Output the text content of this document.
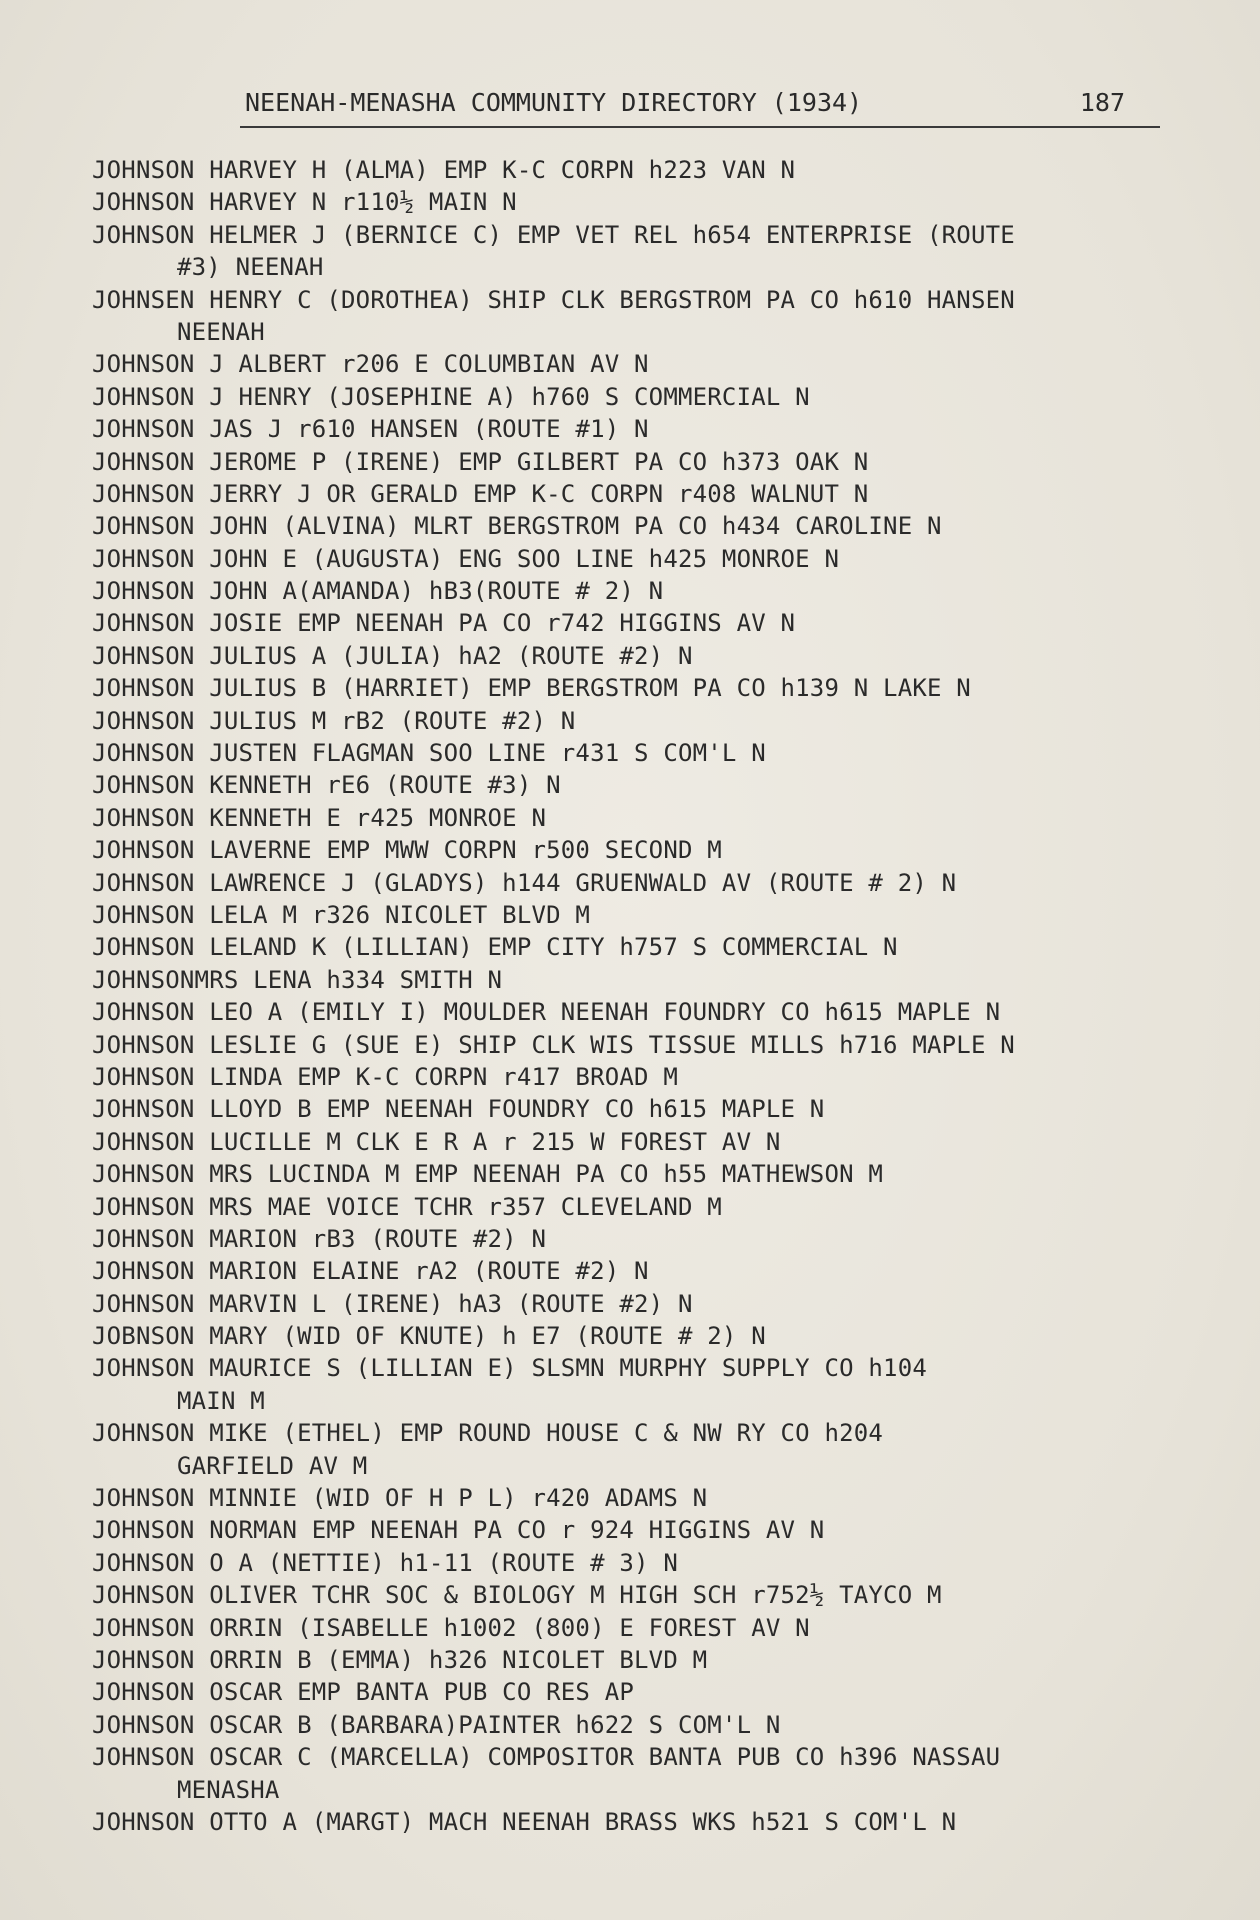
NEENAH-MENASHA COMMUNITY DIRECTORY (1934)	187
JOHNSON HARVEY H (ALMA) EMP K-C CORPN h223 VAN N
JOHNSON HARVEY N r110½ MAIN N
JOHNSON HELMER J (BERNICE C) EMP VET REL h654 ENTERPRISE (ROUTE
#3) NEENAH
JOHNSEN HENRY C (DOROTHEA) SHIP CLK BERGSTROM PA CO h610 HANSEN
NEENAH
JOHNSON J ALBERT r206 E COLUMBIAN AV N
JOHNSON J HENRY (JOSEPHINE A) h760 S COMMERCIAL N
JOHNSON JAS J r610 HANSEN (ROUTE #1) N
JOHNSON JEROME P (IRENE) EMP GILBERT PA CO h373 OAK N
JOHNSON JERRY J OR GERALD EMP K-C CORPN r408 WALNUT N
JOHNSON JOHN (ALVINA) MLRT BERGSTROM PA CO h434 CAROLINE N
JOHNSON JOHN E (AUGUSTA) ENG SOO LINE h425 MONROE N
JOHNSON JOHN A(AMANDA) hB3(ROUTE # 2) N
JOHNSON JOSIE EMP NEENAH PA CO r742 HIGGINS AV N
JOHNSON JULIUS A (JULIA) hA2 (ROUTE #2) N
JOHNSON JULIUS B (HARRIET) EMP BERGSTROM PA CO h139 N LAKE N
JOHNSON JULIUS M rB2 (ROUTE #2) N
JOHNSON JUSTEN FLAGMAN SOO LINE r431 S COM'L N
JOHNSON KENNETH rE6 (ROUTE #3) N
JOHNSON KENNETH E r425 MONROE N
JOHNSON LAVERNE EMP MWW CORPN r500 SECOND M
JOHNSON LAWRENCE J (GLADYS) h144 GRUENWALD AV (ROUTE # 2) N
JOHNSON LELA M r326 NICOLET BLVD M
JOHNSON LELAND K (LILLIAN) EMP CITY h757 S COMMERCIAL N
JOHNSONMRS LENA h334 SMITH N
JOHNSON LEO A (EMILY I) MOULDER NEENAH FOUNDRY CO h615 MAPLE N
JOHNSON LESLIE G (SUE E) SHIP CLK WIS TISSUE MILLS h716 MAPLE N
JOHNSON LINDA EMP K-C CORPN r417 BROAD M
JOHNSON LLOYD B EMP NEENAH FOUNDRY CO h615 MAPLE N
JOHNSON LUCILLE M CLK E R A r 215 W FOREST AV N
JOHNSON MRS LUCINDA M EMP NEENAH PA CO h55 MATHEWSON M
JOHNSON MRS MAE VOICE TCHR r357 CLEVELAND M
JOHNSON MARION rB3 (ROUTE #2) N
JOHNSON MARION ELAINE rA2 (ROUTE #2) N
JOHNSON MARVIN L (IRENE) hA3 (ROUTE #2) N
JOBNSON MARY (WID OF KNUTE) h E7 (ROUTE # 2) N
JOHNSON MAURICE S (LILLIAN E) SLSMN MURPHY SUPPLY CO h104
MAIN M
JOHNSON MIKE (ETHEL) EMP ROUND HOUSE C & NW RY CO h204
GARFIELD AV M
JOHNSON MINNIE (WID OF H P L) r420 ADAMS N
JOHNSON NORMAN EMP NEENAH PA CO r 924 HIGGINS AV N
JOHNSON O A (NETTIE) h1-11 (ROUTE # 3) N
JOHNSON OLIVER TCHR SOC & BIOLOGY M HIGH SCH r752½ TAYCO M
JOHNSON ORRIN (ISABELLE h1002 (800) E FOREST AV N
JOHNSON ORRIN B (EMMA) h326 NICOLET BLVD M
JOHNSON OSCAR EMP BANTA PUB CO RES AP
JOHNSON OSCAR B (BARBARA)PAINTER h622 S COM'L N
JOHNSON OSCAR C (MARCELLA) COMPOSITOR BANTA PUB CO h396 NASSAU
MENASHA
JOHNSON OTTO A (MARGT) MACH NEENAH BRASS WKS h521 S COM'L N
